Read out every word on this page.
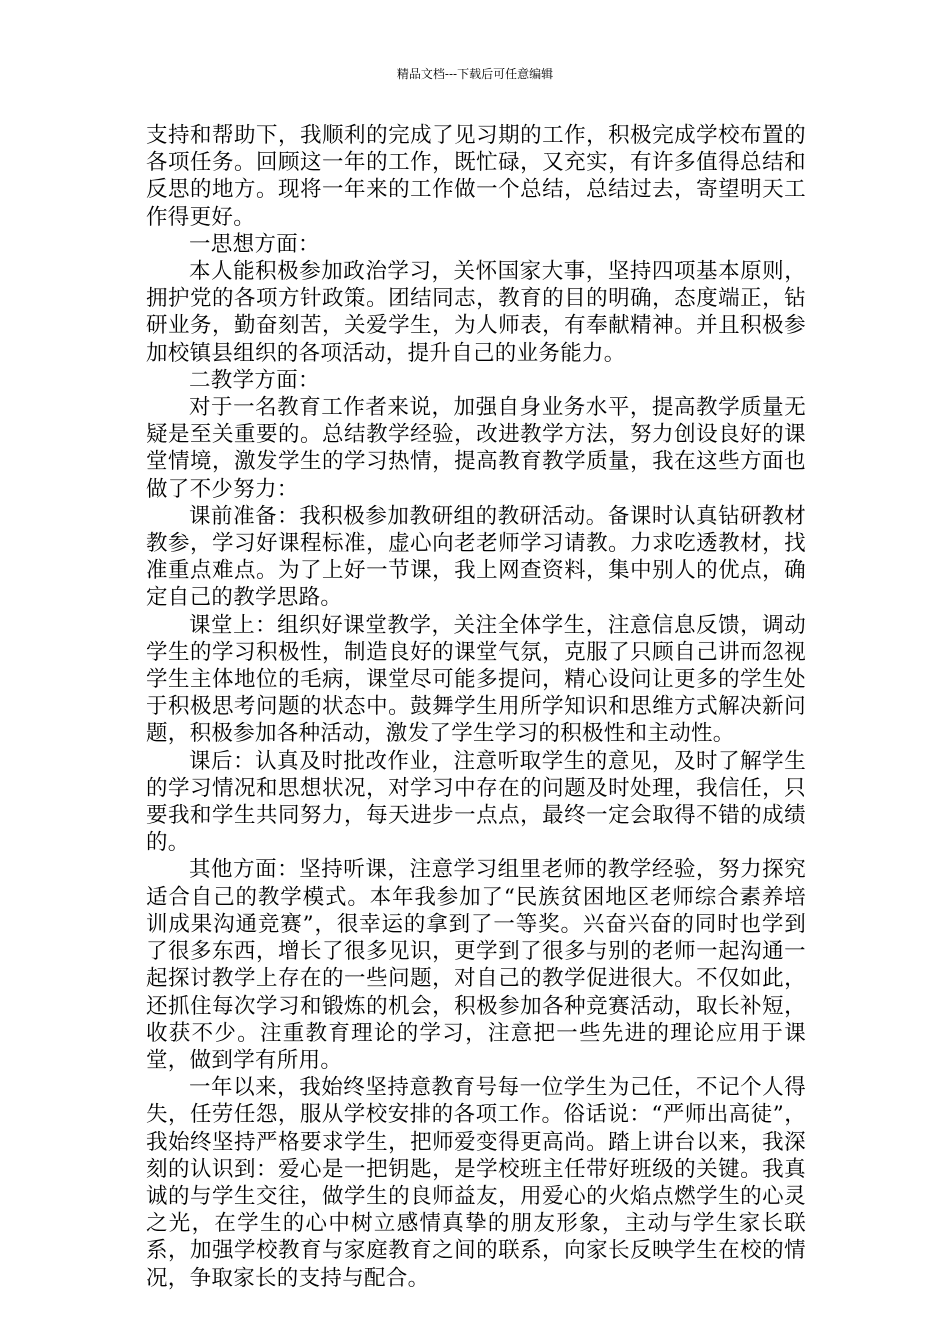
精品文档---下载后可任意编辑

支持和帮助下，我顺利的完成了见习期的工作，积极完成学校布置的各项任务。回顾这一年的工作，既忙碌，又充实，有许多值得总结和反思的地方。现将一年来的工作做一个总结，总结过去，寄望明天工作得更好。

一思想方面：

本人能积极参加政治学习，关怀国家大事，坚持四项基本原则，拥护党的各项方针政策。团结同志，教育的目的明确，态度端正，钻研业务，勤奋刻苦，关爱学生，为人师表，有奉献精神。并且积极参加校镇县组织的各项活动，提升自己的业务能力。

二教学方面：

对于一名教育工作者来说，加强自身业务水平，提高教学质量无疑是至关重要的。总结教学经验，改进教学方法，努力创设良好的课堂情境，激发学生的学习热情，提高教育教学质量，我在这些方面也做了不少努力：

课前准备：我积极参加教研组的教研活动。备课时认真钻研教材教参，学习好课程标准，虚心向老老师学习请教。力求吃透教材，找准重点难点。为了上好一节课，我上网查资料，集中别人的优点，确定自己的教学思路。

课堂上：组织好课堂教学，关注全体学生，注意信息反馈，调动学生的学习积极性，制造良好的课堂气氛，克服了只顾自己讲而忽视学生主体地位的毛病，课堂尽可能多提问，精心设问让更多的学生处于积极思考问题的状态中。鼓舞学生用所学知识和思维方式解决新问题，积极参加各种活动，激发了学生学习的积极性和主动性。

课后：认真及时批改作业，注意听取学生的意见，及时了解学生的学习情况和思想状况，对学习中存在的问题及时处理，我信任，只要我和学生共同努力，每天进步一点点，最终一定会取得不错的成绩的。

其他方面：坚持听课，注意学习组里老师的教学经验，努力探究适合自己的教学模式。本年我参加了“民族贫困地区老师综合素养培训成果沟通竞赛”，很幸运的拿到了一等奖。兴奋兴奋的同时也学到了很多东西，增长了很多见识，更学到了很多与别的老师一起沟通一起探讨教学上存在的一些问题，对自己的教学促进很大。不仅如此，还抓住每次学习和锻炼的机会，积极参加各种竞赛活动，取长补短，收获不少。注重教育理论的学习，注意把一些先进的理论应用于课堂，做到学有所用。

一年以来，我始终坚持意教育号每一位学生为己任，不记个人得失，任劳任怨，服从学校安排的各项工作。俗话说：“严师出高徒”，我始终坚持严格要求学生，把师爱变得更高尚。踏上讲台以来，我深刻的认识到：爱心是一把钥匙，是学校班主任带好班级的关键。我真诚的与学生交往，做学生的良师益友，用爱心的火焰点燃学生的心灵之光，在学生的心中树立感情真挚的朋友形象，主动与学生家长联系，加强学校教育与家庭教育之间的联系，向家长反映学生在校的情况，争取家长的支持与配合。
